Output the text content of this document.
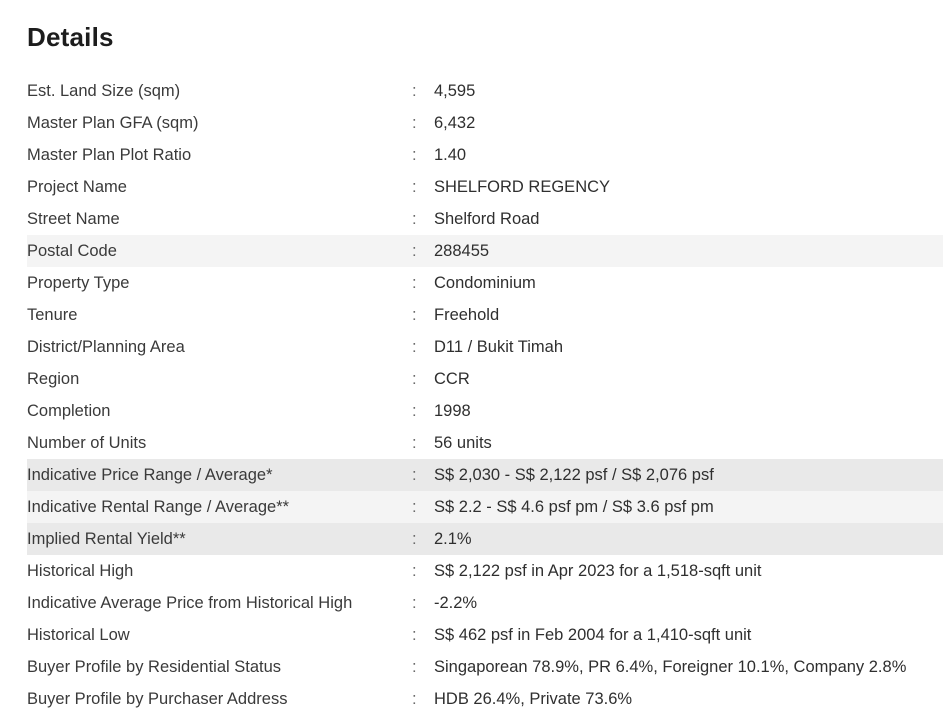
Details
Est. Land Size (sqm)	:	4,595
Master Plan GFA (sqm)	:	6,432
Master Plan Plot Ratio	:	1.40
Project Name	:	SHELFORD REGENCY
Street Name	:	Shelford Road
Postal Code	:	288455
Property Type	:	Condominium
Tenure	:	Freehold
District/Planning Area	:	D11 / Bukit Timah
Region	:	CCR
Completion	:	1998
Number of Units	:	56 units
Indicative Price Range / Average*	:	S$ 2,030 - S$ 2,122 psf / S$ 2,076 psf
Indicative Rental Range / Average**	:	S$ 2.2 - S$ 4.6 psf pm / S$ 3.6 psf pm
Implied Rental Yield**	:	2.1%
Historical High	:	S$ 2,122 psf in Apr 2023 for a 1,518-sqft unit
Indicative Average Price from Historical High	:	-2.2%
Historical Low	:	S$ 462 psf in Feb 2004 for a 1,410-sqft unit
Buyer Profile by Residential Status	:	Singaporean 78.9%, PR 6.4%, Foreigner 10.1%, Company 2.8%
Buyer Profile by Purchaser Address	:	HDB 26.4%, Private 73.6%
